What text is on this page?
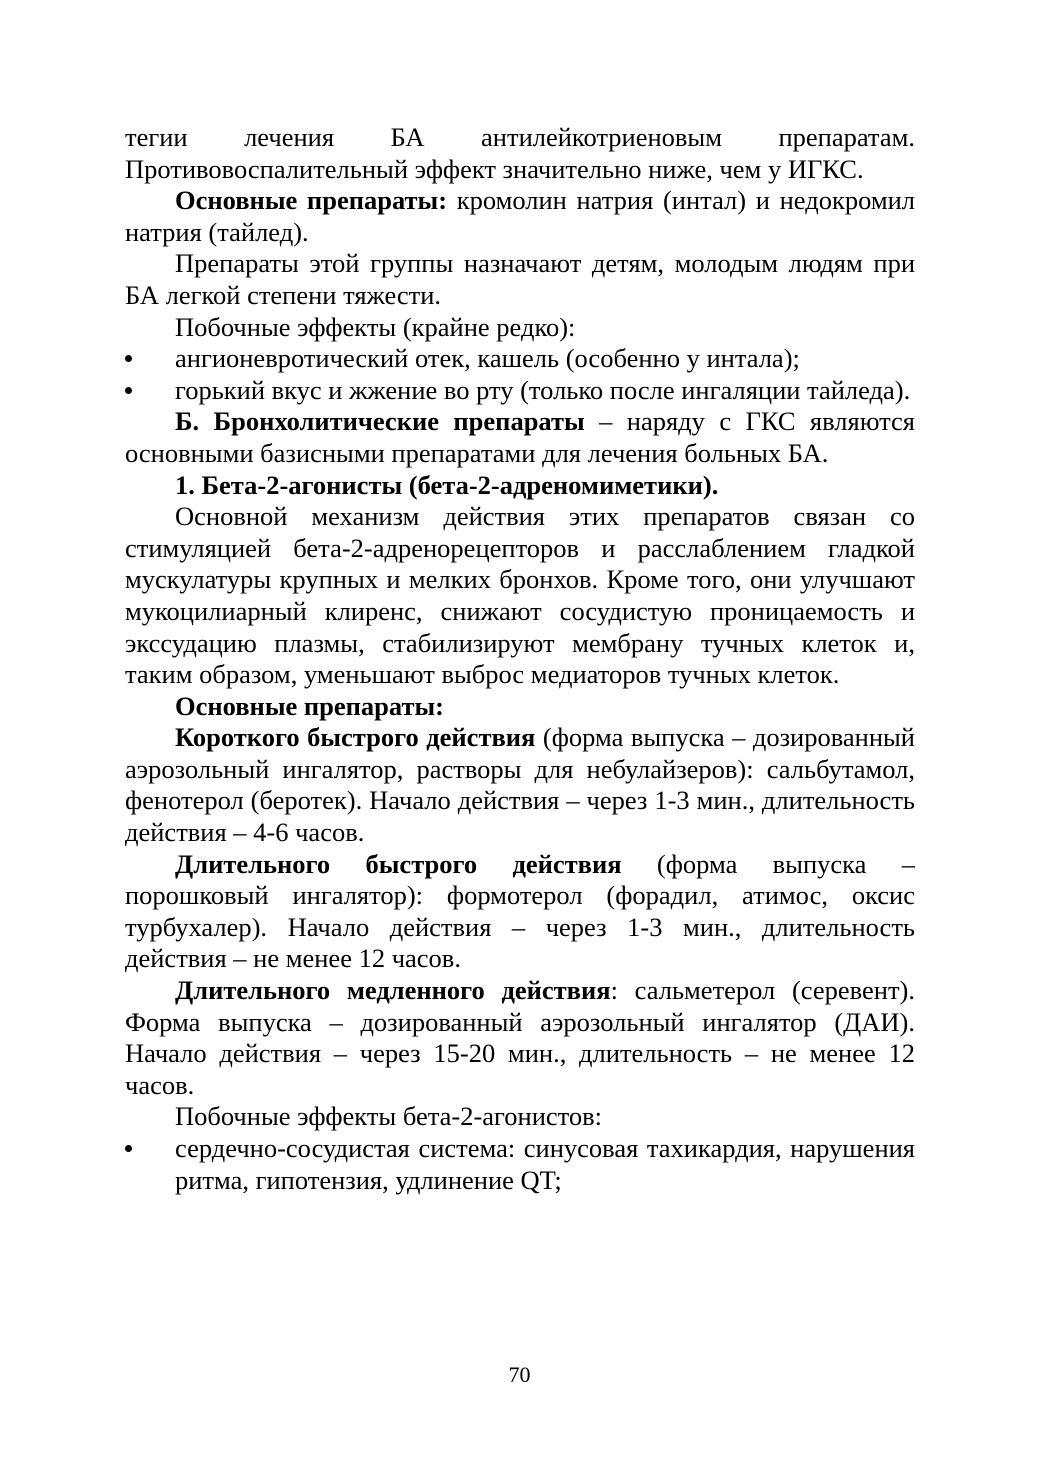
тегии лечения БА антилейкотриеновым препаратам. Противовоспалительный эффект значительно ниже, чем у ИГКС.

Основные препараты: кромолин натрия (интал) и недокромил натрия (тайлед).

Препараты этой группы назначают детям, молодым людям при БА легкой степени тяжести.

Побочные эффекты (крайне редко):

ангионевротический отек, кашель (особенно у интала);
горький вкус и жжение во рту (только после ингаляции тайледа).

Б. Бронхолитические препараты – наряду с ГКС являются основными базисными препаратами для лечения больных БА.

1. Бета-2-агонисты (бета-2-адреномиметики).

Основной механизм действия этих препаратов связан со стимуляцией бета-2-адренорецепторов и расслаблением гладкой мускулатуры крупных и мелких бронхов. Кроме того, они улучшают мукоцилиарный клиренс, снижают сосудистую проницаемость и экссудацию плазмы, стабилизируют мембрану тучных клеток и, таким образом, уменьшают выброс медиаторов тучных клеток.

Основные препараты:

Короткого быстрого действия (форма выпуска – дозированный аэрозольный ингалятор, растворы для небулайзеров): сальбутамол, фенотерол (беротек). Начало действия – через 1-3 мин., длительность действия – 4-6 часов.

Длительного быстрого действия (форма выпуска – порошковый ингалятор): формотерол (форадил, атимос, оксис турбухалер). Начало действия – через 1-3 мин., длительность действия – не менее 12 часов.

Длительного медленного действия: сальметерол (серевент). Форма выпуска – дозированный аэрозольный ингалятор (ДАИ). Начало действия – через 15-20 мин., длительность – не менее 12 часов.

Побочные эффекты бета-2-агонистов:

сердечно-сосудистая система: синусовая тахикардия, нарушения ритма, гипотензия, удлинение QT;
70
